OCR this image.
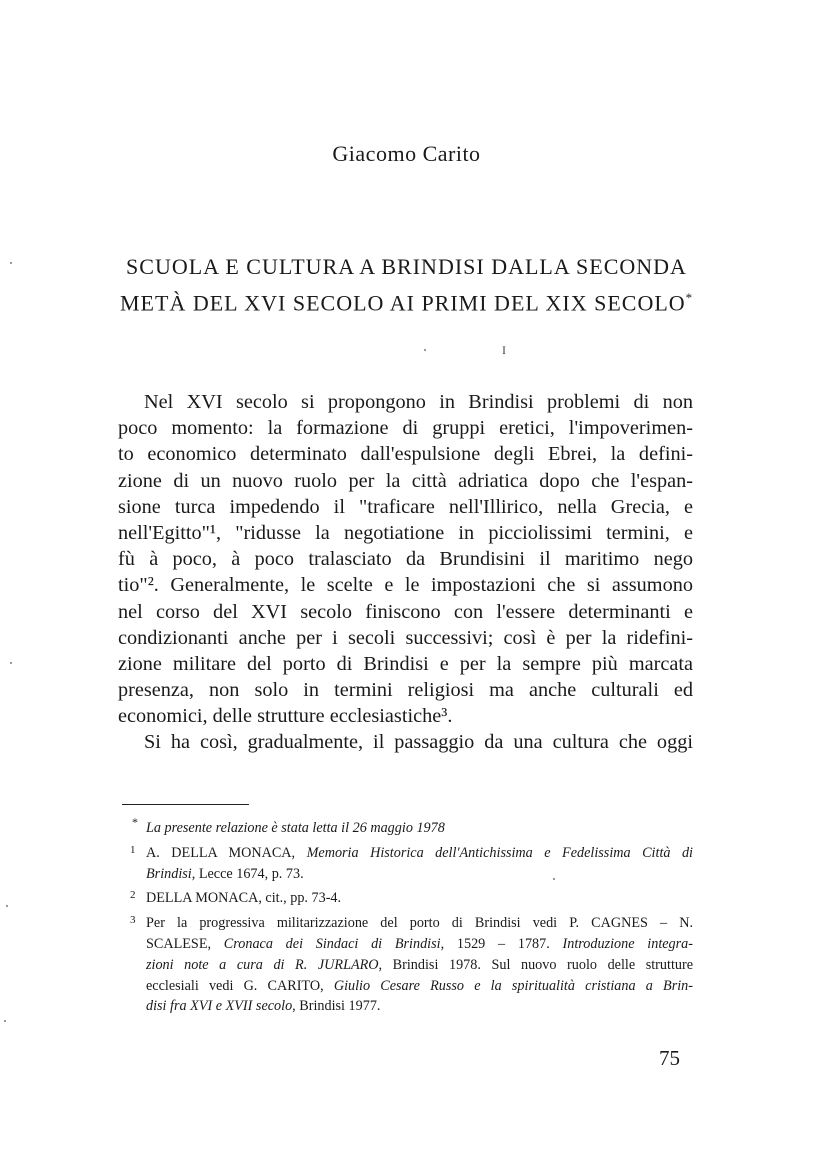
Giacomo Carito
SCUOLA E CULTURA A BRINDISI DALLA SECONDA
METÀ DEL XVI SECOLO AI PRIMI DEL XIX SECOLO*
I
Nel XVI secolo si propongono in Brindisi problemi di non
poco momento: la formazione di gruppi eretici, l'impoverimen-
to economico determinato dall'espulsione degli Ebrei, la defini-
zione di un nuovo ruolo per la città adriatica dopo che l'espan-
sione turca impedendo il "traficare nell'Illirico, nella Grecia, e
nell'Egitto"¹, "ridusse la negotiatione in picciolissimi termini, e
fù à poco, à poco tralasciato da Brundisini il maritimo nego
tio"². Generalmente, le scelte e le impostazioni che si assumono
nel corso del XVI secolo finiscono con l'essere determinanti e
condizionanti anche per i secoli successivi; così è per la ridefini-
zione militare del porto di Brindisi e per la sempre più marcata
presenza, non solo in termini religiosi ma anche culturali ed
economici, delle strutture ecclesiastiche³.
Si ha così, gradualmente, il passaggio da una cultura che oggi
* La presente relazione è stata letta il 26 maggio 1978
1 A. DELLA MONACA, Memoria Historica dell'Antichissima e Fedelissima Città di
Brindisi, Lecce 1674, p. 73.
2 DELLA MONACA, cit., pp. 73-4.
3 Per la progressiva militarizzazione del porto di Brindisi vedi P. CAGNES – N.
SCALESE, Cronaca dei Sindaci di Brindisi, 1529 – 1787. Introduzione integra-
zioni note a cura di R. JURLARO, Brindisi 1978. Sul nuovo ruolo delle strutture
ecclesiali vedi G. CARITO, Giulio Cesare Russo e la spiritualità cristiana a Brin-
disi fra XVI e XVII secolo, Brindisi 1977.
75
